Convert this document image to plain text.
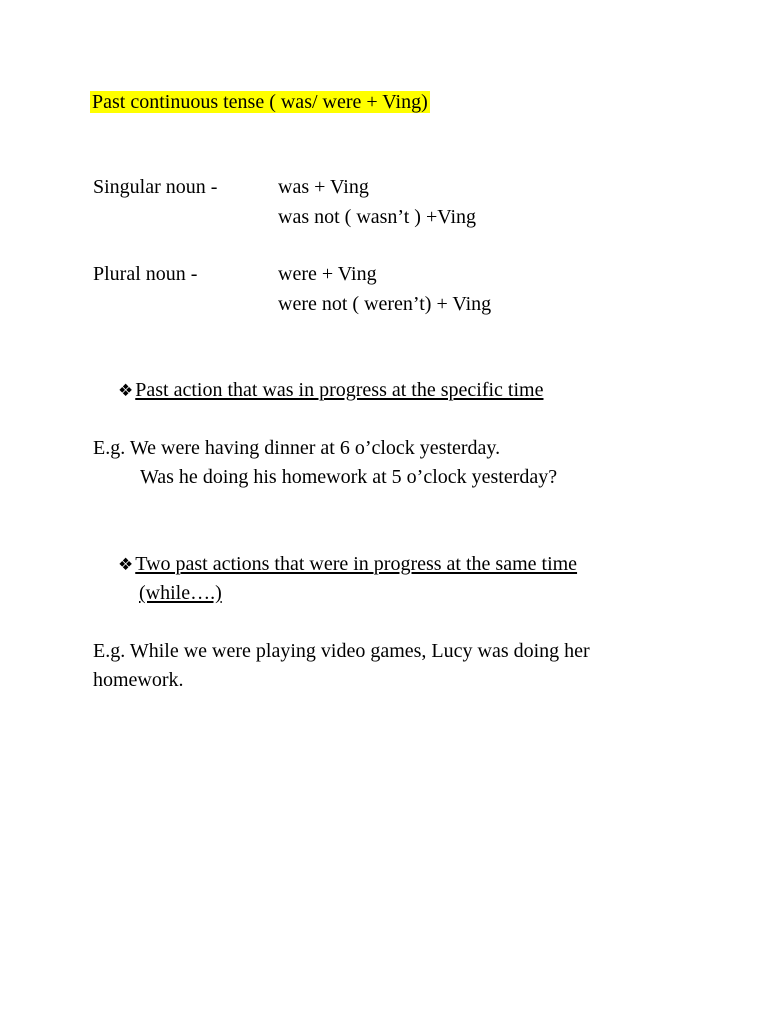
Past continuous tense ( was/ were + Ving)
Singular noun -	was + Ving
was not ( wasn’t ) +Ving
Plural noun -	were + Ving
were not ( weren’t) + Ving
❖ Past action that was in progress at the specific time
E.g. We were having dinner at 6 o’clock yesterday.
Was he doing his homework at 5 o’clock yesterday?
❖ Two past actions that were in progress at the same time
(while….)
E.g. While we were playing video games, Lucy was doing her
homework.
